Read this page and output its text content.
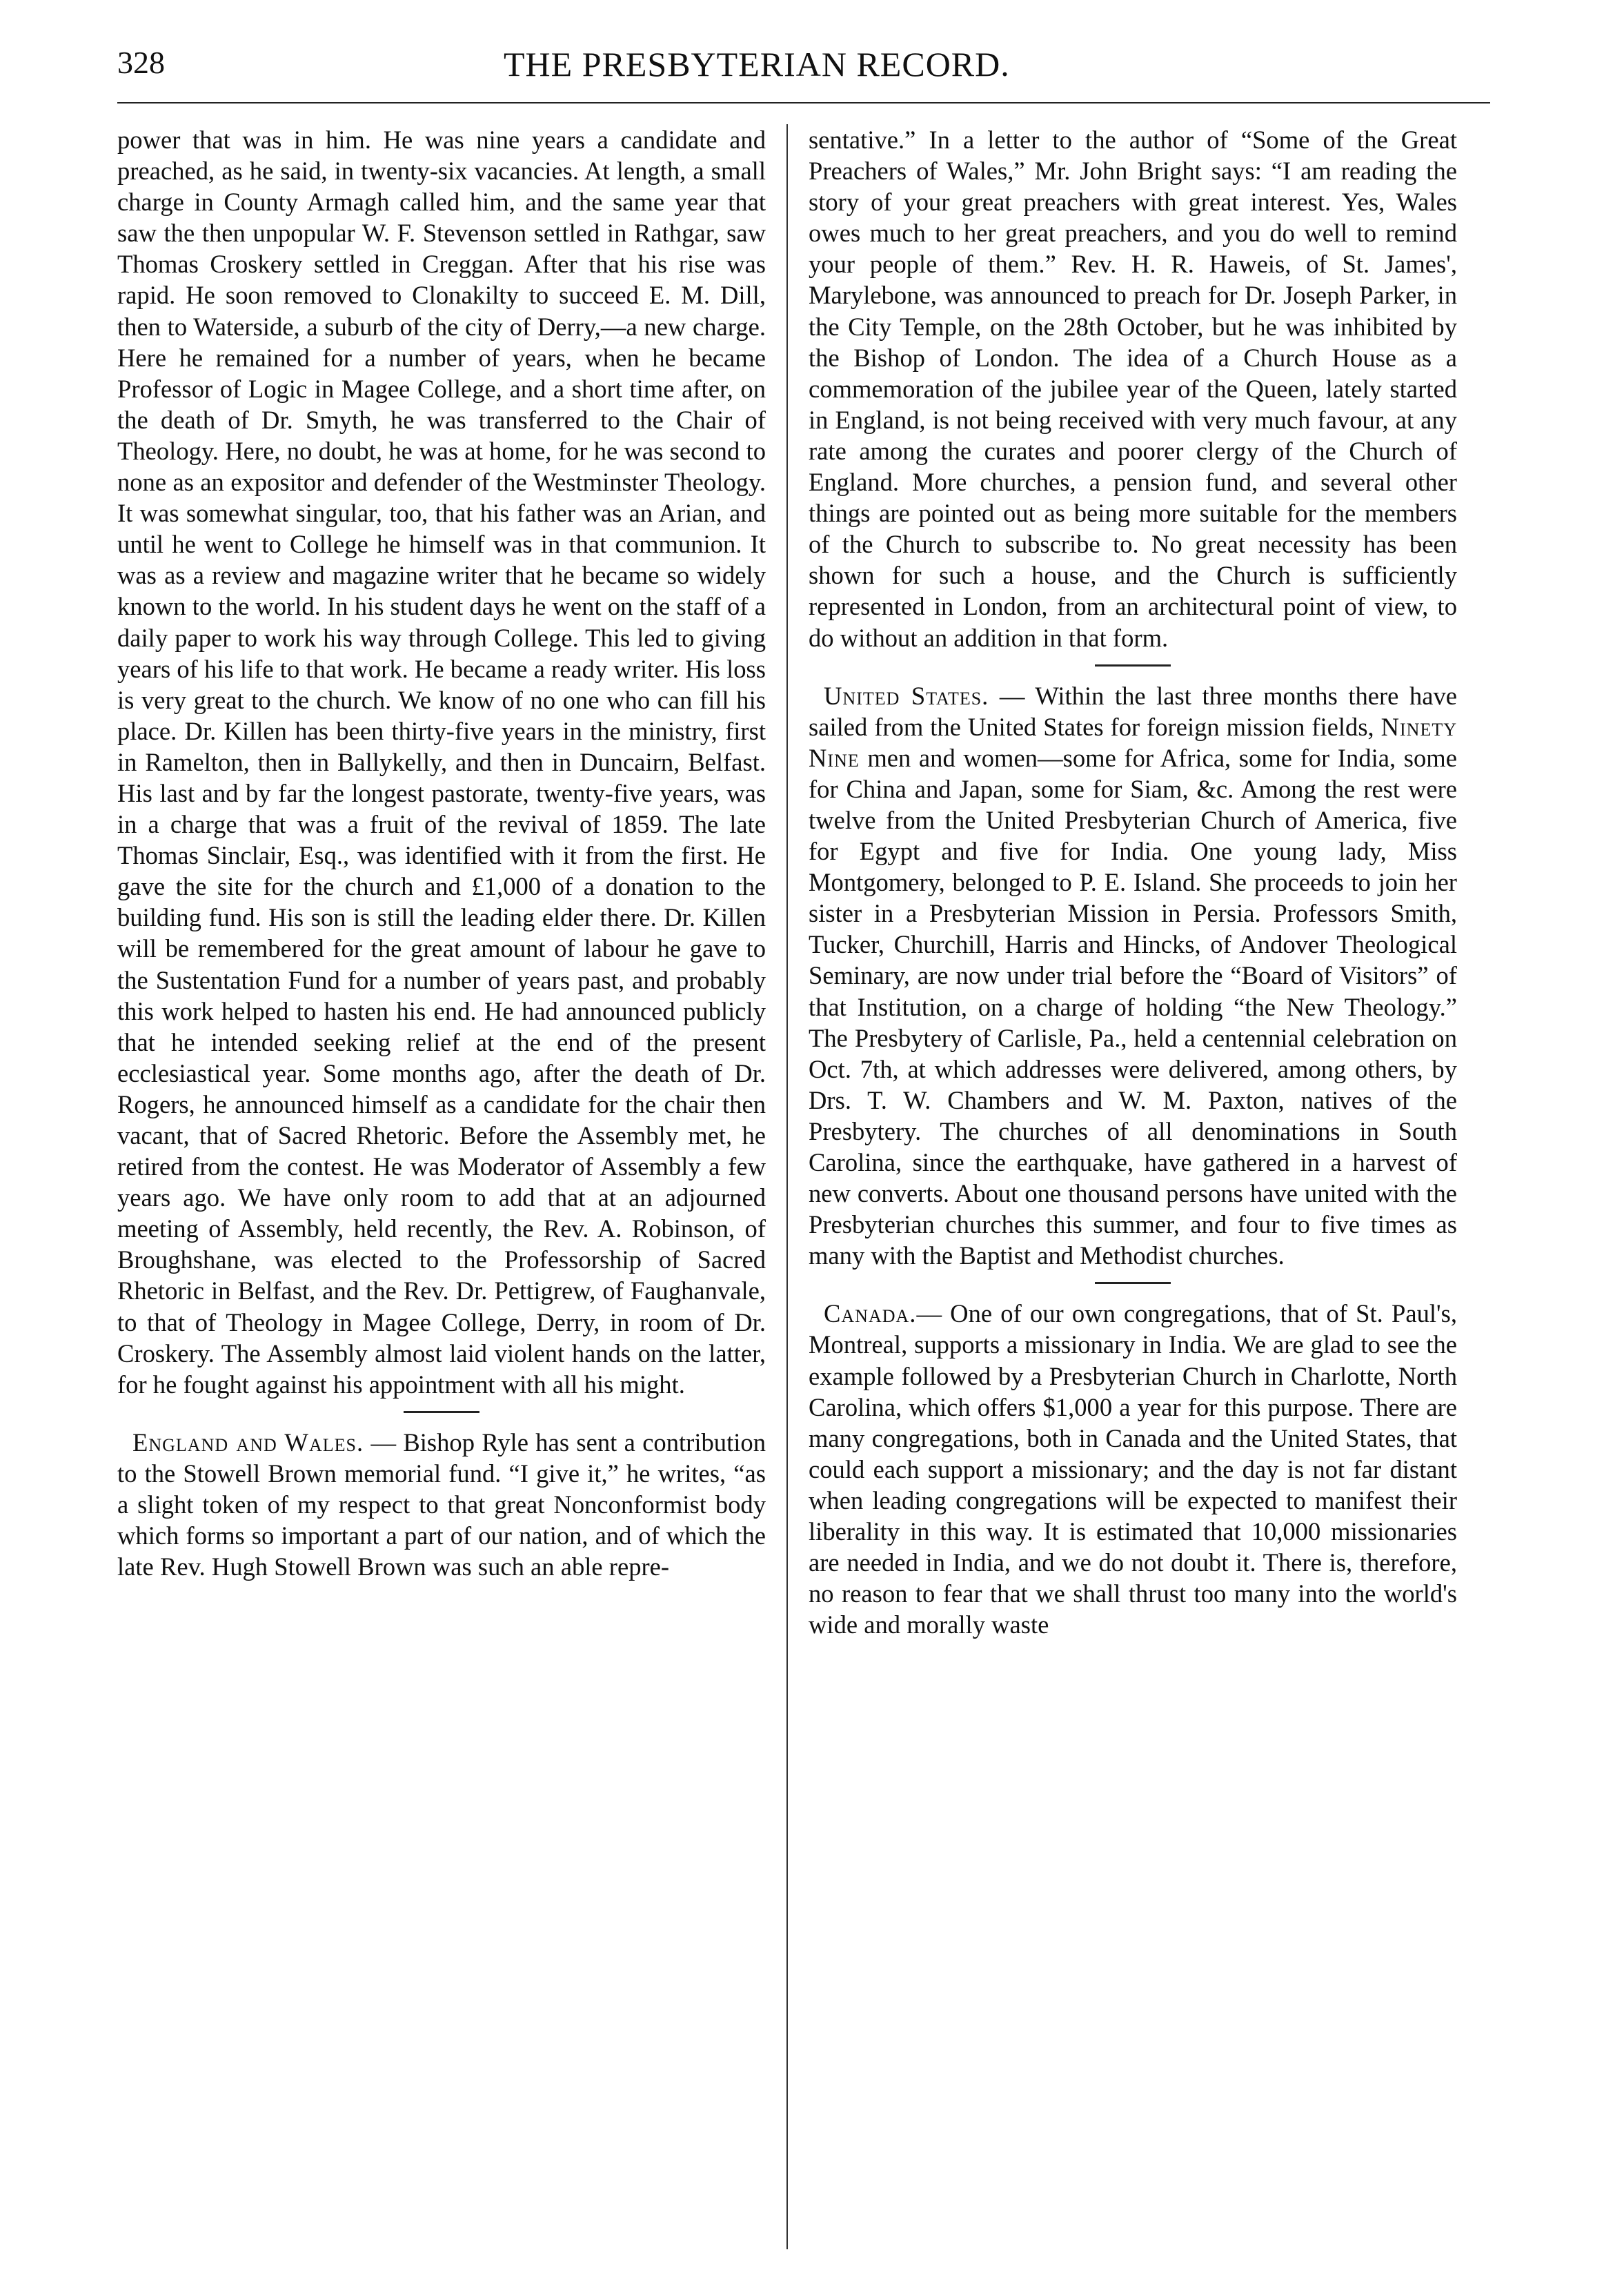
328	THE PRESBYTERIAN RECORD.

power that was in him. He was nine years a candidate and preached, as he said, in twenty-six vacancies. At length, a small charge in County Armagh called him, and the same year that saw the then unpopular W. F. Stevenson settled in Rathgar, saw Thomas Croskery settled in Creggan. After that his rise was rapid. He soon removed to Clonakilty to succeed E. M. Dill, then to Waterside, a suburb of the city of Derry,—a new charge. Here he remained for a number of years, when he became Professor of Logic in Magee College, and a short time after, on the death of Dr. Smyth, he was transferred to the Chair of Theology. Here, no doubt, he was at home, for he was second to none as an expositor and defender of the Westminster Theology. It was somewhat singular, too, that his father was an Arian, and until he went to College he himself was in that communion. It was as a review and magazine writer that he became so widely known to the world. In his student days he went on the staff of a daily paper to work his way through College. This led to giving years of his life to that work. He became a ready writer. His loss is very great to the church. We know of no one who can fill his place. Dr. Killen has been thirty-five years in the ministry, first in Ramelton, then in Ballykelly, and then in Duncairn, Belfast. His last and by far the longest pastorate, twenty-five years, was in a charge that was a fruit of the revival of 1859. The late Thomas Sinclair, Esq., was identified with it from the first. He gave the site for the church and £1,000 of a donation to the building fund. His son is still the leading elder there. Dr. Killen will be remembered for the great amount of labour he gave to the Sustentation Fund for a number of years past, and probably this work helped to hasten his end. He had announced publicly that he intended seeking relief at the end of the present ecclesiastical year. Some months ago, after the death of Dr. Rogers, he announced himself as a candidate for the chair then vacant, that of Sacred Rhetoric. Before the Assembly met, he retired from the contest. He was Moderator of Assembly a few years ago. We have only room to add that at an adjourned meeting of Assembly, held recently, the Rev. A. Robinson, of Broughshane, was elected to the Professorship of Sacred Rhetoric in Belfast, and the Rev. Dr. Pettigrew, of Faughanvale, to that of Theology in Magee College, Derry, in room of Dr. Croskery. The Assembly almost laid violent hands on the latter, for he fought against his appointment with all his might.

England and Wales. — Bishop Ryle has sent a contribution to the Stowell Brown memorial fund. “I give it,” he writes, “as a slight token of my respect to that great Nonconformist body which forms so important a part of our nation, and of which the late Rev. Hugh Stowell Brown was such an able repre-

sentative.” In a letter to the author of “Some of the Great Preachers of Wales,” Mr. John Bright says: “I am reading the story of your great preachers with great interest. Yes, Wales owes much to her great preachers, and you do well to remind your people of them.” Rev. H. R. Haweis, of St. James', Marylebone, was announced to preach for Dr. Joseph Parker, in the City Temple, on the 28th October, but he was inhibited by the Bishop of London. The idea of a Church House as a commemoration of the jubilee year of the Queen, lately started in England, is not being received with very much favour, at any rate among the curates and poorer clergy of the Church of England. More churches, a pension fund, and several other things are pointed out as being more suitable for the members of the Church to subscribe to. No great necessity has been shown for such a house, and the Church is sufficiently represented in London, from an architectural point of view, to do without an addition in that form.

United States. — Within the last three months there have sailed from the United States for foreign mission fields, Ninety Nine men and women—some for Africa, some for India, some for China and Japan, some for Siam, &c. Among the rest were twelve from the United Presbyterian Church of America, five for Egypt and five for India. One young lady, Miss Montgomery, belonged to P. E. Island. She proceeds to join her sister in a Presbyterian Mission in Persia. Professors Smith, Tucker, Churchill, Harris and Hincks, of Andover Theological Seminary, are now under trial before the “Board of Visitors” of that Institution, on a charge of holding “the New Theology.” The Presbytery of Carlisle, Pa., held a centennial celebration on Oct. 7th, at which addresses were delivered, among others, by Drs. T. W. Chambers and W. M. Paxton, natives of the Presbytery. The churches of all denominations in South Carolina, since the earthquake, have gathered in a harvest of new converts. About one thousand persons have united with the Presbyterian churches this summer, and four to five times as many with the Baptist and Methodist churches.

Canada.— One of our own congregations, that of St. Paul's, Montreal, supports a missionary in India. We are glad to see the example followed by a Presbyterian Church in Charlotte, North Carolina, which offers $1,000 a year for this purpose. There are many congregations, both in Canada and the United States, that could each support a missionary; and the day is not far distant when leading congregations will be expected to manifest their liberality in this way. It is estimated that 10,000 missionaries are needed in India, and we do not doubt it. There is, therefore, no reason to fear that we shall thrust too many into the world's wide and morally waste
